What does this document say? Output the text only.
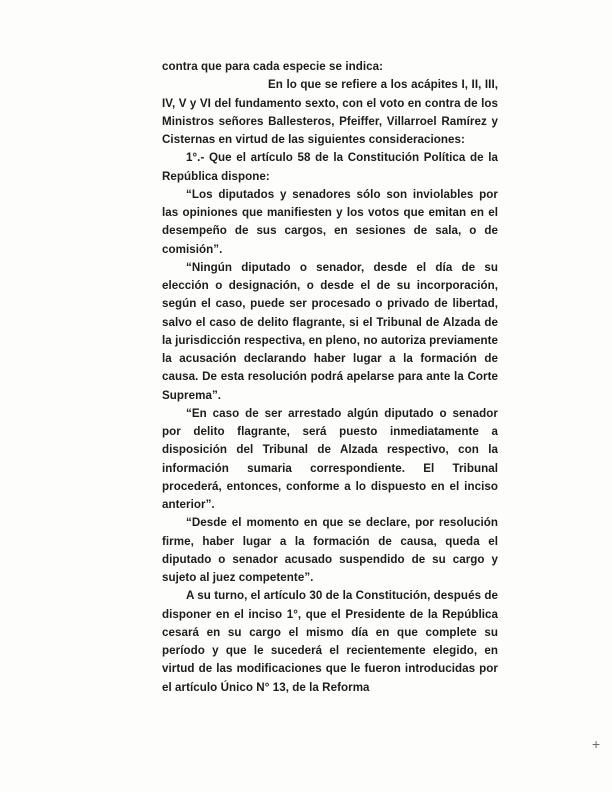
contra que para cada especie se indica:

En lo que se refiere a los acápites I, II, III, IV, V y VI del fundamento sexto, con el voto en contra de los Ministros señores Ballesteros, Pfeiffer, Villarroel Ramírez y Cisternas en virtud de las siguientes consideraciones:

1°.- Que el artículo 58 de la Constitución Política de la República dispone:

“Los diputados y senadores sólo son inviolables por las opiniones que manifiesten y los votos que emitan en el desempeño de sus cargos, en sesiones de sala, o de comisión”.

“Ningún diputado o senador, desde el día de su elección o designación, o desde el de su incorporación, según el caso, puede ser procesado o privado de libertad, salvo el caso de delito flagrante, si el Tribunal de Alzada de la jurisdicción respectiva, en pleno, no autoriza previamente la acusación declarando haber lugar a la formación de causa. De esta resolución podrá apelarse para ante la Corte Suprema”.

“En caso de ser arrestado algún diputado o senador por delito flagrante, será puesto inmediatamente a disposición del Tribunal de Alzada respectivo, con la información sumaria correspondiente. El Tribunal procederá, entonces, conforme a lo dispuesto en el inciso anterior”.

“Desde el momento en que se declare, por resolución firme, haber lugar a la formación de causa, queda el diputado o senador acusado suspendido de su cargo y sujeto al juez competente”.

A su turno, el artículo 30 de la Constitución, después de disponer en el inciso 1°, que el Presidente de la República cesará en su cargo el mismo día en que complete su período y que le sucederá el recientemente elegido, en virtud de las modificaciones que le fueron introducidas por el artículo Único N° 13, de la Reforma

+
